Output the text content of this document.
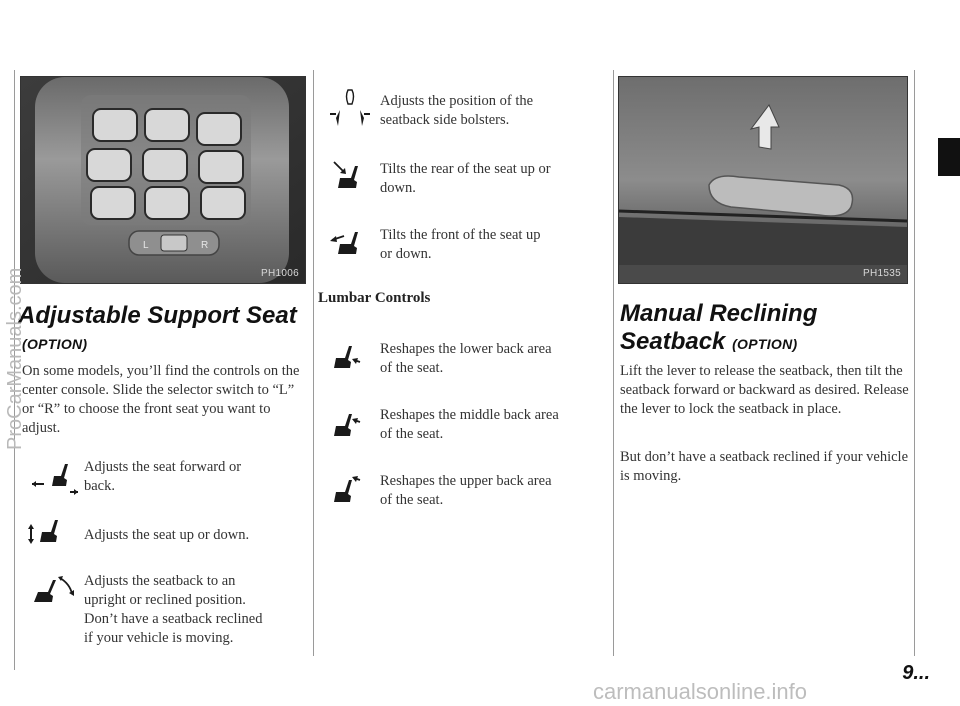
L	R
PH1006
Adjustable Support Seat
(OPTION)
On some models, you’ll find the controls on the center console. Slide the selector switch to “L” or “R” to choose the front seat you want to adjust.
Adjusts the seat forward or back.
Adjusts the seat up or down.
Adjusts the seatback to an upright or reclined position. Don’t have a seatback reclined if your vehicle is moving.
Adjusts the position of the seatback side bolsters.
Tilts the rear of the seat up or down.
Tilts the front of the seat up or down.
Lumbar Controls
Reshapes the lower back area of the seat.
Reshapes the middle back area of the seat.
Reshapes the upper back area of the seat.
PH1535
Manual Reclining
Seatback (OPTION)
Lift the lever to release the seatback, then tilt the seatback forward or backward as desired. Release the lever to lock the seatback in place.
But don’t have a seatback reclined if your vehicle is moving.
9...
ProCarManuals.com
carmanualsonline.info
